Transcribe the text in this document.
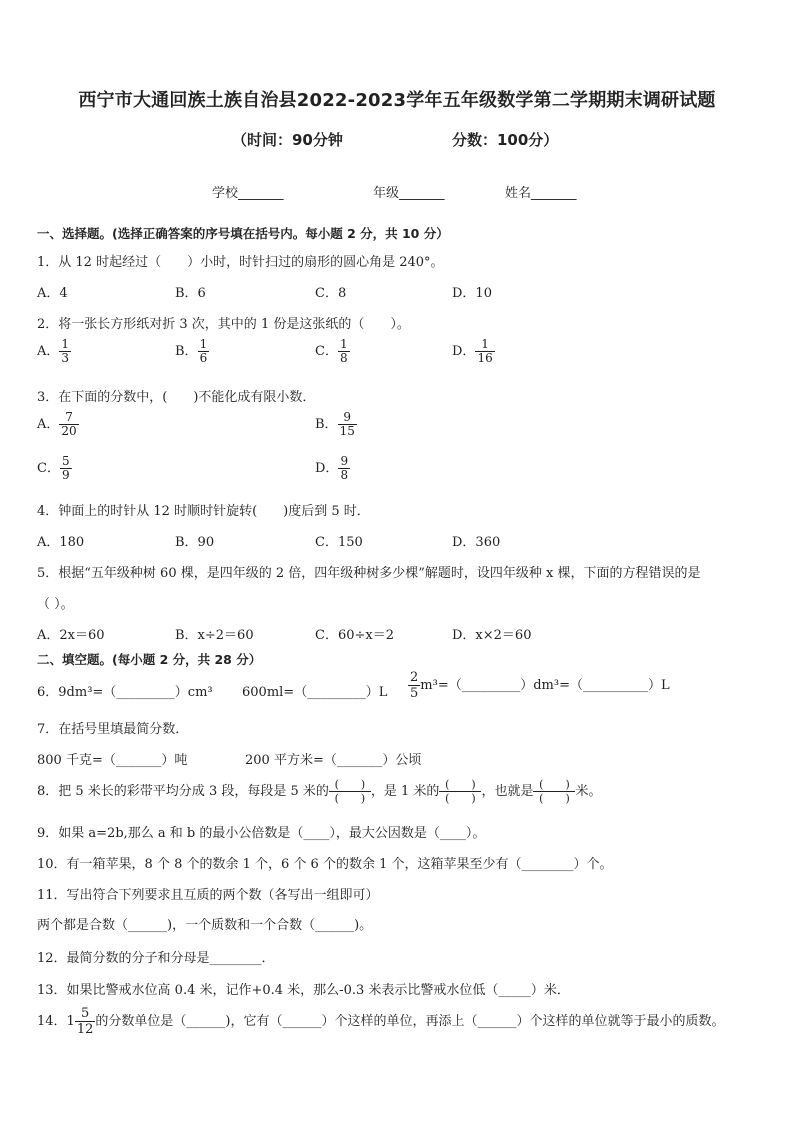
西宁市大通回族土族自治县2022-2023学年五年级数学第二学期期末调研试题
（时间：90分钟	分数：100分）
学校_______	年级_______	姓名_______
一、选择题。(选择正确答案的序号填在括号内。每小题 2 分，共 10 分）
1．从 12 时起经过（　　）小时，时针扫过的扇形的圆心角是 240°。
A．4	B．6	C．8	D．10
2．将一张长方形纸对折 3 次，其中的 1 份是这张纸的（　　）。
A． $\frac{1}{3}$	B． $\frac{1}{6}$	C． $\frac{1}{8}$	D． $\frac{1}{16}$
3．在下面的分数中，(　　)不能化成有限小数．
A． $\frac{7}{20}$	B． $\frac{9}{15}$
C． $\frac{5}{9}$	D． $\frac{9}{8}$
4．钟面上的时针从 12 时顺时针旋转(　　)度后到 5 时．
A．180	B．90	C．150	D．360
5．根据“五年级种树 60 棵，是四年级的 2 倍，四年级种树多少棵”解题时，设四年级种 x 棵，下面的方程错误的是
（ ）。
A．2x＝60	B．x÷2＝60	C．60÷x＝2	D．x×2＝60
二、填空题。(每小题 2 分，共 28 分）
6．9dm³=（_________）cm³ 600ml=（_________）L $\frac{2}{5}$ m³=（_________）dm³=（__________）L
7．在括号里填最简分数．
800 千克=（_______）吨	200 平方米=（_______）公顷
8．把 5 米长的彩带平均分成 3 段，每段是 5 米的 $\frac{( )}{( )}$ ，是 1 米的 $\frac{( )}{( )}$ ，也就是 $\frac{( )}{( )}$ 米。
9．如果 a=2b,那么 a 和 b 的最小公倍数是（____），最大公因数是（____）。
10．有一箱苹果，8 个 8 个的数余 1 个，6 个 6 个的数余 1 个，这箱苹果至少有（________）个。
11．写出符合下列要求且互质的两个数（各写出一组即可）
两个都是合数（______)，一个质数和一个合数（______)。
12．最简分数的分子和分母是________．
13．如果比警戒水位高 0.4 米，记作+0.4 米，那么-0.3 米表示比警戒水位低（_____）米．
14．$1 \frac{5}{12}$ 的分数单位是（______)，它有（______）个这样的单位，再添上（______）个这样的单位就等于最小的质数。
